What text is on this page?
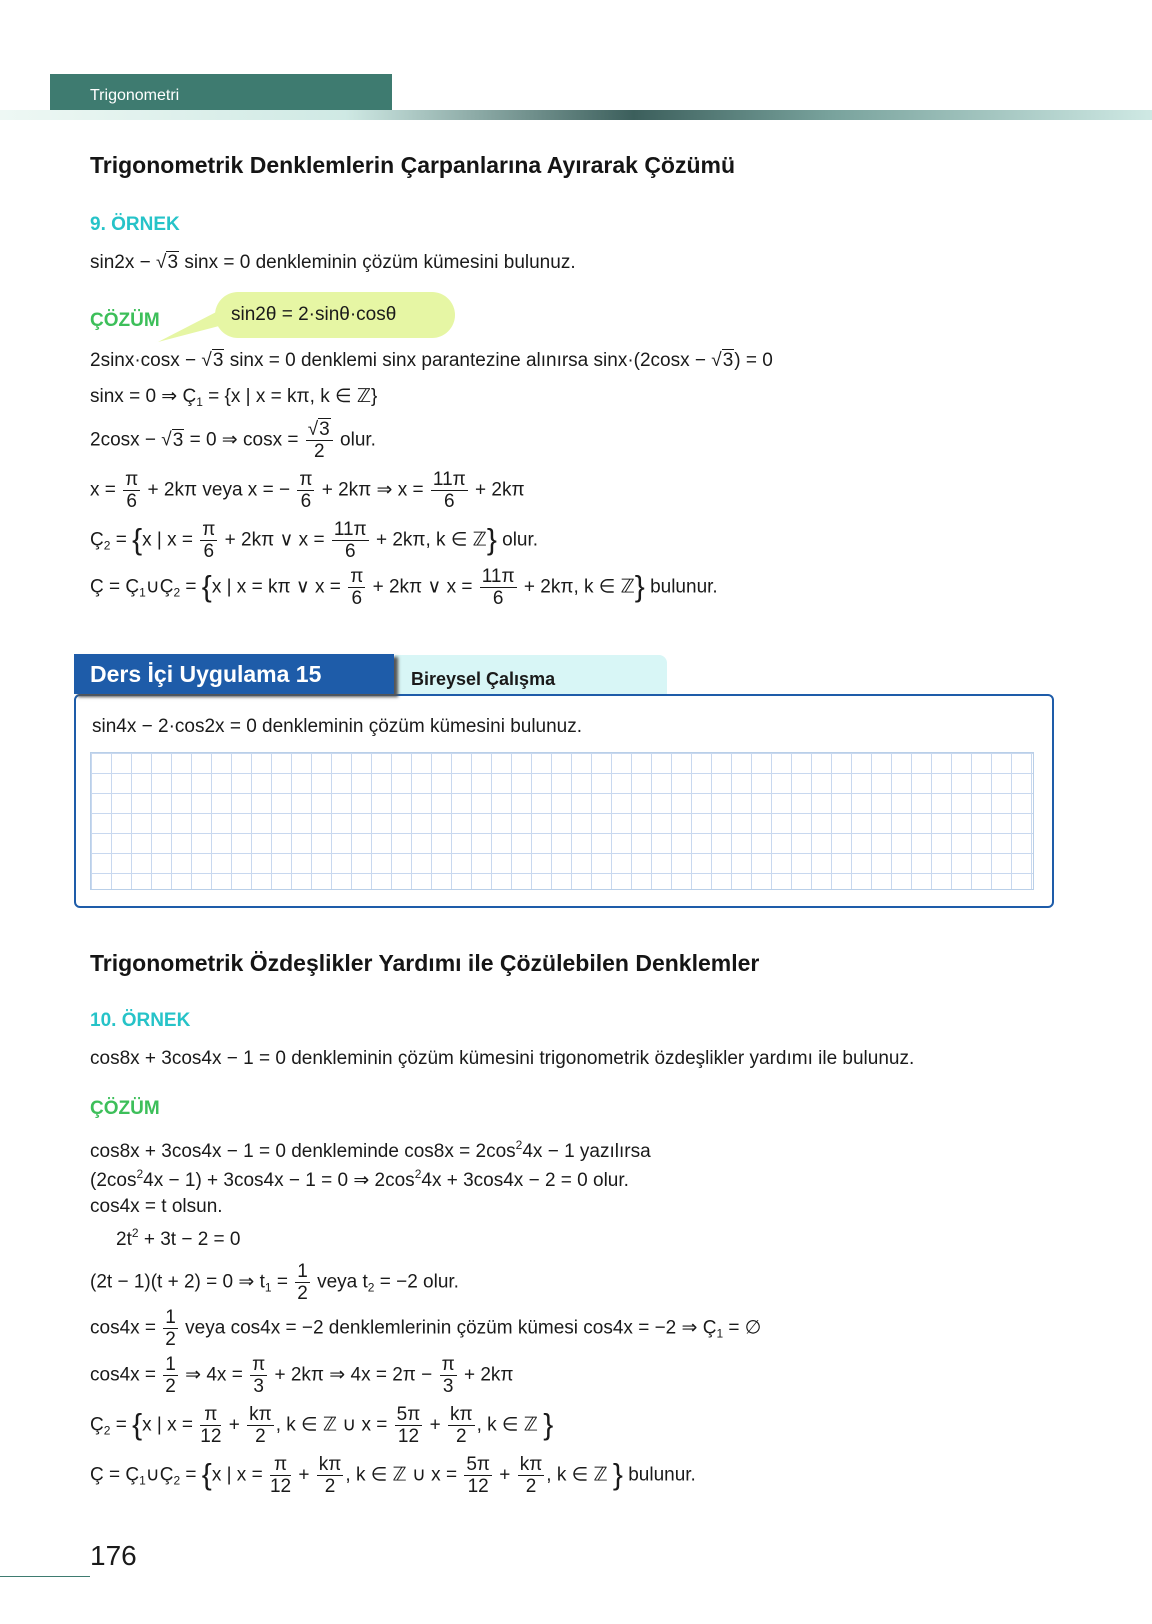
Trigonometri
Trigonometrik Denklemlerin Çarpanlarına Ayırarak Çözümü
9. ÖRNEK
sin2x − √3 sinx = 0 denkleminin çözüm kümesini bulunuz.
ÇÖZÜM	sin2θ = 2·sinθ·cosθ
2sinx·cosx − √3 sinx = 0 denklemi sinx parantezine alınırsa sinx·(2cosx − √3) = 0
sinx = 0 ⇒ $Ç_1 = \{x$ | x = kπ, k ∈ ℤ}
2cosx − √3 = 0 ⇒ $\cos x = \frac{√3}{2}$ olur.
$x = \frac{\pi}{6} + 2k\pi$ veya x = − $\frac{\pi}{6} + 2k\pi$ ⇒ $x = \frac{11\pi}{6} + 2k\pi$
$Ç_2 = \{x$ | $x = \frac{\pi}{6} + 2k\pi$ ∨ $x = \frac{11\pi}{6} + 2k\pi$, k ∈ ℤ} olur.
Ç = $Ç_1\cup Ç_2 = \{x$ | x = kπ ∨ $x = \frac{\pi}{6} + 2k\pi$ ∨ $x = \frac{11\pi}{6} + 2k\pi$, k ∈ ℤ} bulunur.
Bireysel Çalışma
Ders İçi Uygulama 15
sin4x − 2·cos2x = 0 denkleminin çözüm kümesini bulunuz.
Trigonometrik Özdeşlikler Yardımı ile Çözülebilen Denklemler
10. ÖRNEK
cos8x + 3cos4x − 1 = 0 denkleminin çözüm kümesini trigonometrik özdeşlikler yardımı ile bulunuz.
ÇÖZÜM
cos8x + 3cos4x − 1 = 0 denkleminde $\cos 8x = 2\cos^24x - 1$ yazılırsa
$(2\cos^24x - 1) + 3\cos 4x - 1 = 0$ ⇒ $2\cos^24x + 3\cos 4x - 2 = 0$ olur.
cos4x = t olsun.
$2t^2 + 3t - 2 = 0$
(2t − 1)(t + 2) = 0 ⇒ $t_1 = \frac{1}{2}$ veya $t_2 = -2$ olur.
$\cos 4x = \frac{1}{2}$ veya cos4x = −2 denklemlerinin çözüm kümesi cos4x = −2 ⇒ $Ç_1$ = ∅
$\cos 4x = \frac{1}{2}$ ⇒ $4x = \frac{\pi}{3} + 2k\pi$ ⇒ $4x = 2\pi - \frac{\pi}{3} + 2k\pi$
$Ç_2 = \{x$ | $x = \frac{\pi}{12} + \frac{k\pi}{2}$ , k ∈ ℤ ∪ $x = \frac{5\pi}{12} + \frac{k\pi}{2}$ , k ∈ ℤ }
Ç = $Ç_1\cup Ç_2 = \{x$ | $x = \frac{\pi}{12} + \frac{k\pi}{2}$ , k ∈ ℤ ∪ $x = \frac{5\pi}{12} + \frac{k\pi}{2}$ , k ∈ ℤ } bulunur.
176
